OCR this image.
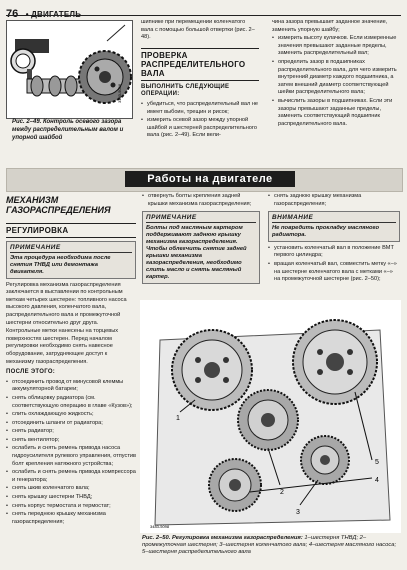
76 • ДВИГАТЕЛЬ
3483-5096
Рис. 2–49. Контроль осевого зазора между распределительным валом и упорной шайбой

шипнике при перемещении коленчатого вала с помощью большой отвертки (рис. 2–48).

ПРОВЕРКА РАСПРЕДЕЛИТЕЛЬНОГО ВАЛА
ВЫПОЛНИТЬ СЛЕДУЮЩИЕ ОПЕРАЦИИ:
• убедиться, что распределительный вал не имеет выбоин, трещин и рисок;
• измерить осевой зазор между упорной шайбой и шестерней распределительного вала (рис. 2–49). Если вели-

чина зазора превышает заданное значение, заменить упорную шайбу;

• измерить высоту кулачков. Если измеренные значения превышают заданные пределы, заменить распределительный вал;
• определить зазор в подшипниках распределительного вала, для чего измерить внутренний диаметр каждого подшипника, а затем внешний диаметр соответствующей шейки распределительного вала;
• вычислить зазоры в подшипниках. Если эти зазоры превышают заданные пределы, заменить соответствующий подшипник распределительного вала.
Работы на двигателе
МЕХАНИЗМ ГАЗОРАСПРЕДЕЛЕНИЯ
РЕГУЛИРОВКА
ПРИМЕЧАНИЕ
Эта процедура необходима после снятия ТНВД или демонтажа двигателя.

Регулировка механизма газораспределения заключается в выставлении по контрольным меткам четырех шестерен: топливного насоса высокого давления, коленчатого вала, распределительного вала и промежуточной шестерни относительно друг друга.

Контрольные метки нанесены на торцевых поверхностях шестерен. Перед началом регулировки необходимо снять навесное оборудование, затрудняющее доступ к механизму газораспределения.

ПОСЛЕ ЭТОГО:
• отсоединить провод от минусовой клеммы аккумуляторной батареи;
• снять облицовку радиатора (см. соответствующую операцию в главе «Кузов»);
• слить охлаждающую жидкость;
• отсоединить шланги от радиатора;
• снять радиатор;
• снять вентилятор;
• ослабить и снять ремень привода насоса гидроусилителя рулевого управления, отпустив болт крепления натяжного устройства;
• ослабить и снять ремень привода компрессора и генератора;
• снять шкив коленчатого вала;
• снять крышку шестерни ТНВД;
• снять корпус термостата и термостат;
• снять переднюю крышку механизма газораспределения;
• отвернуть болты крепления задней крышки механизма газораспределения;
ПРИМЕЧАНИЕ
Болты под масляным картером поддерживают заднюю крышку механизма газораспределения. Чтобы облегчить снятие задней крышки механизма газораспределения, необходимо слить масло и снять масляный картер.
• снять заднюю крышку механизма газораспределения;
ВНИМАНИЕ
Не повредить прокладку масляного радиатора.
• установить коленчатый вал в положение ВМТ первого цилиндра;
• вращая коленчатый вал, совместить метку «–» на шестерне коленчатого вала с метками «–» на промежуточной шестерне (рис. 2–50);
1
2
3
4
5
3483-5098
Рис. 2–50. Регулировка механизма газораспределения: 1–шестерня ТНВД; 2–промежуточная шестерня; 3–шестерня коленчатого вала; 4–шестерня масляного насоса; 5–шестерня распределительного вала
